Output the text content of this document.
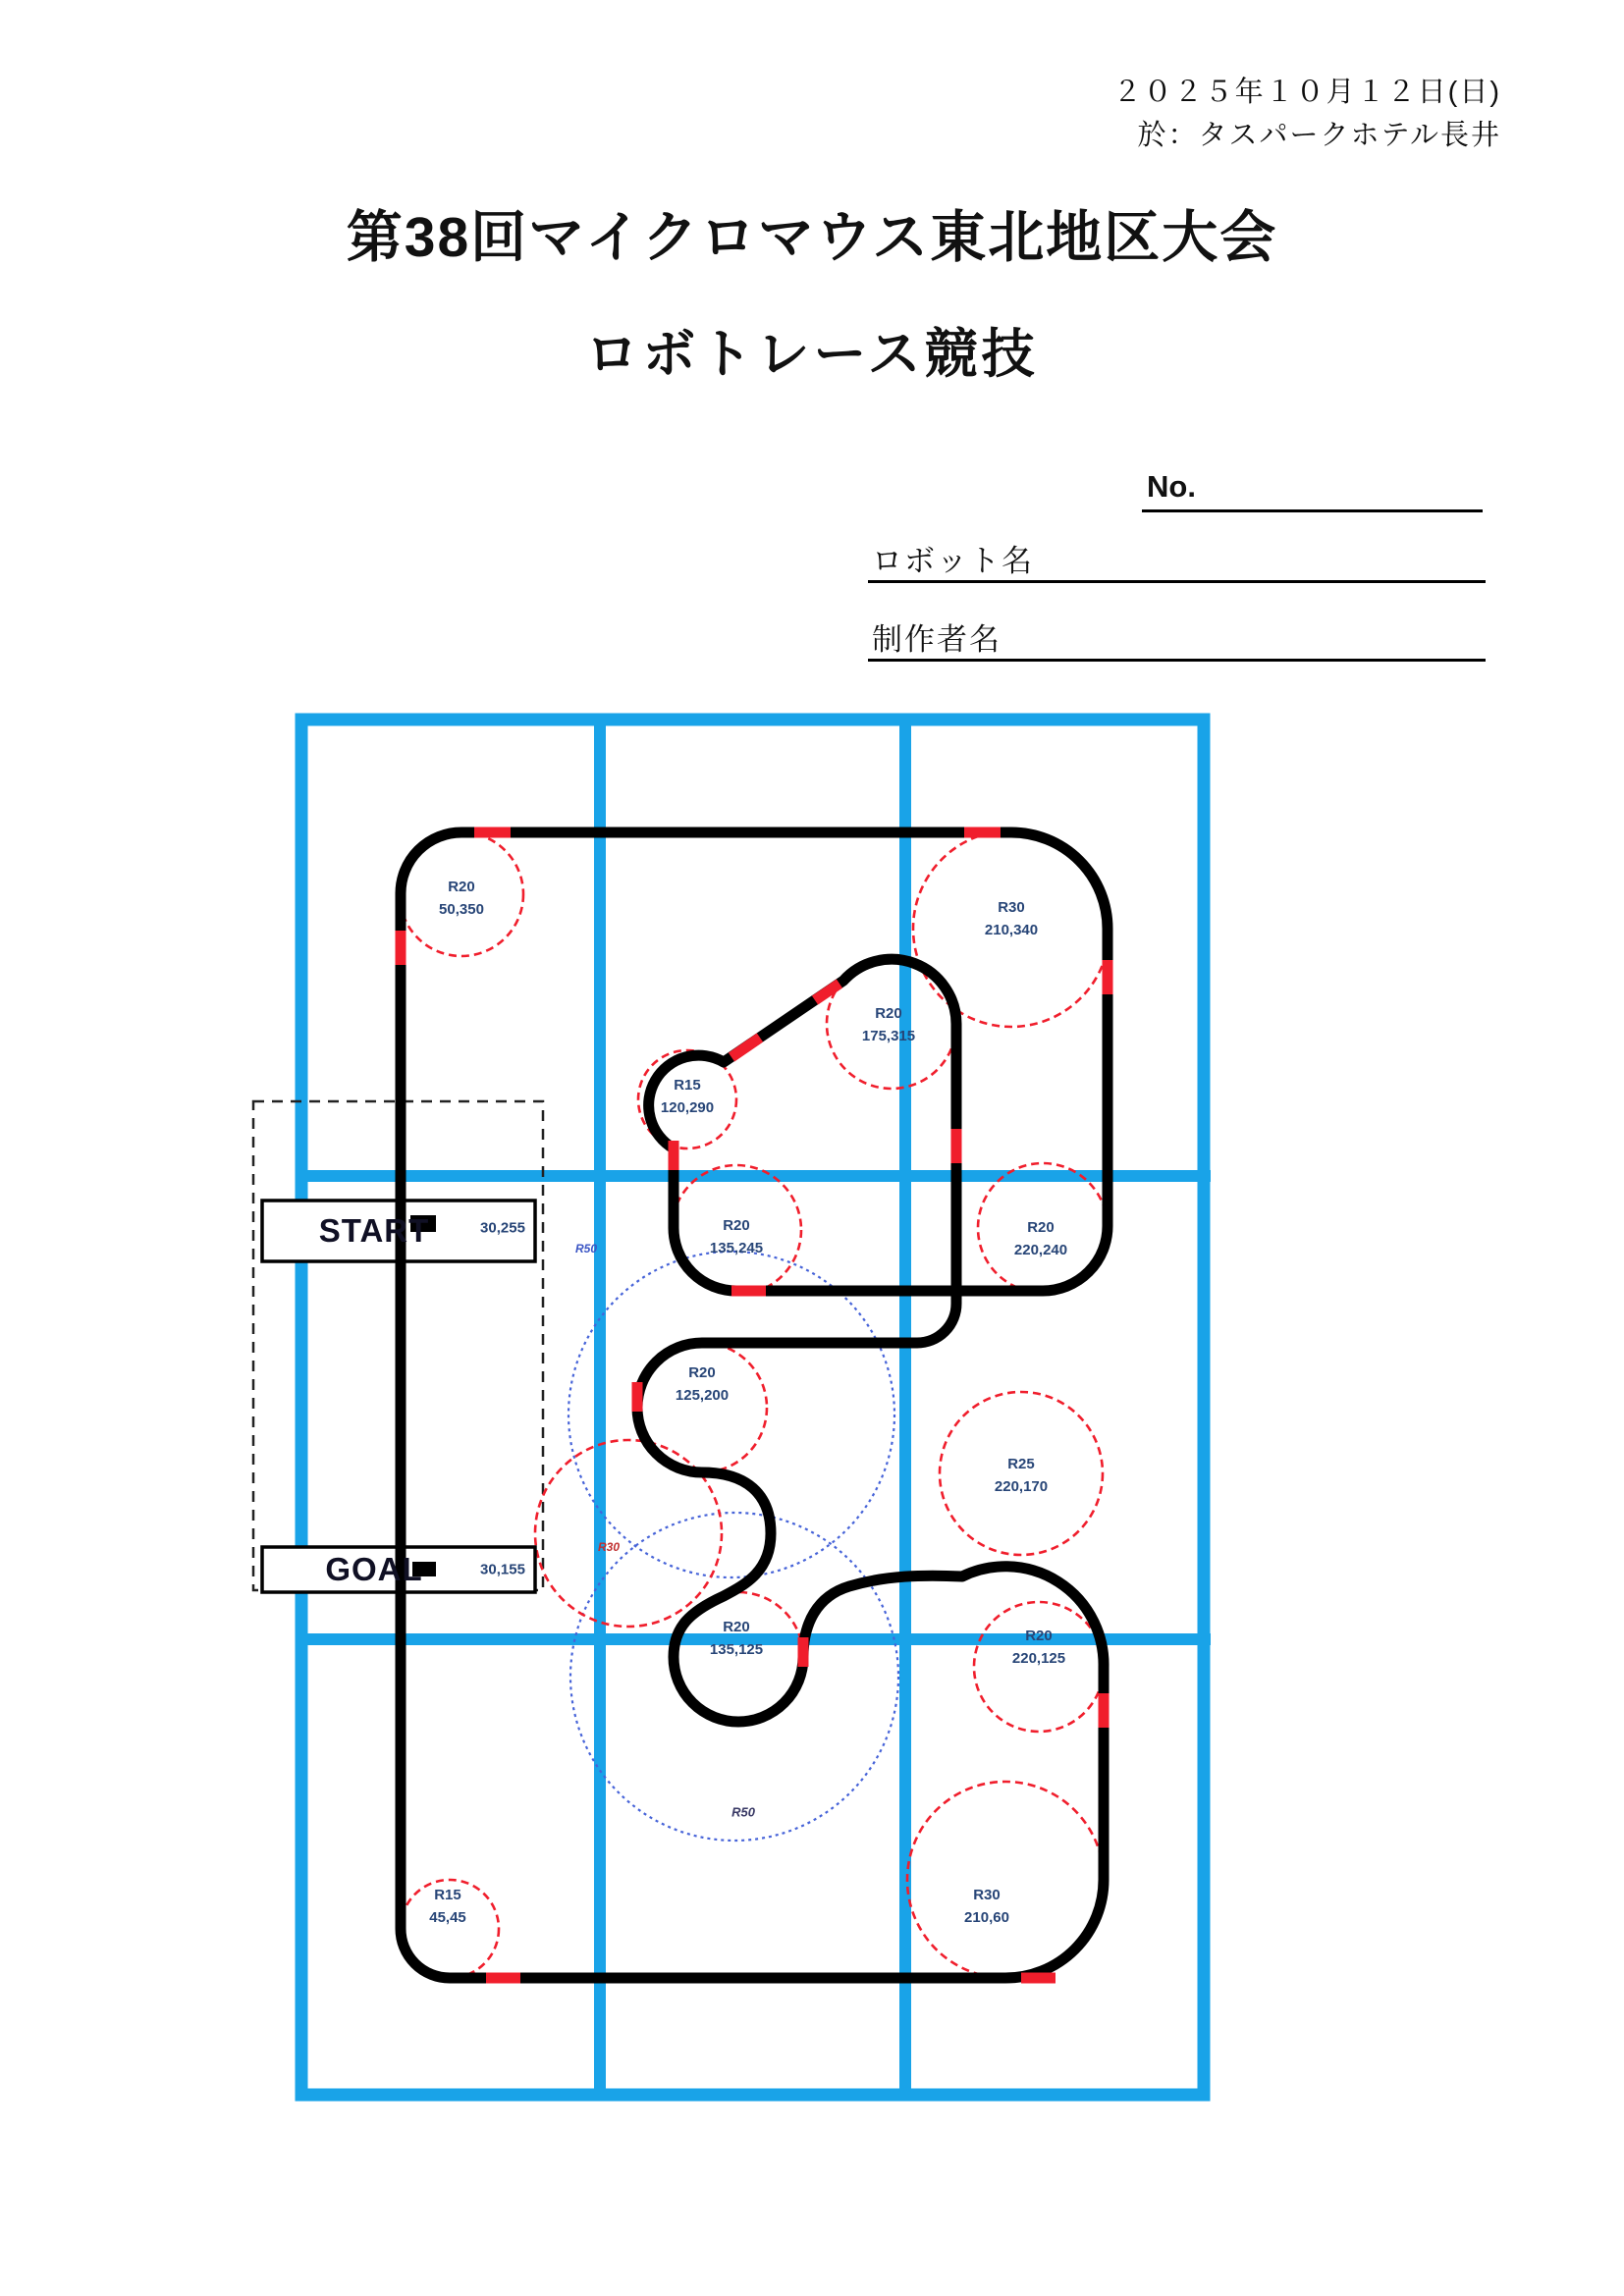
２０２５年１０月１２日(日)
於：タスパークホテル長井
第38回マイクロマウス東北地区大会
ロボトレース競技
No.
ロボット名
制作者名
R20
50,350	R30
210,340
R20
175,315
R15
120,290
R20
135,245
R20
220,240
R20
125,200
R25
220,170
R20
135,125
R20
220,125
R30
210,60
R15
45,45
R50
R30
R50
START	30,255
GOAL	30,155
